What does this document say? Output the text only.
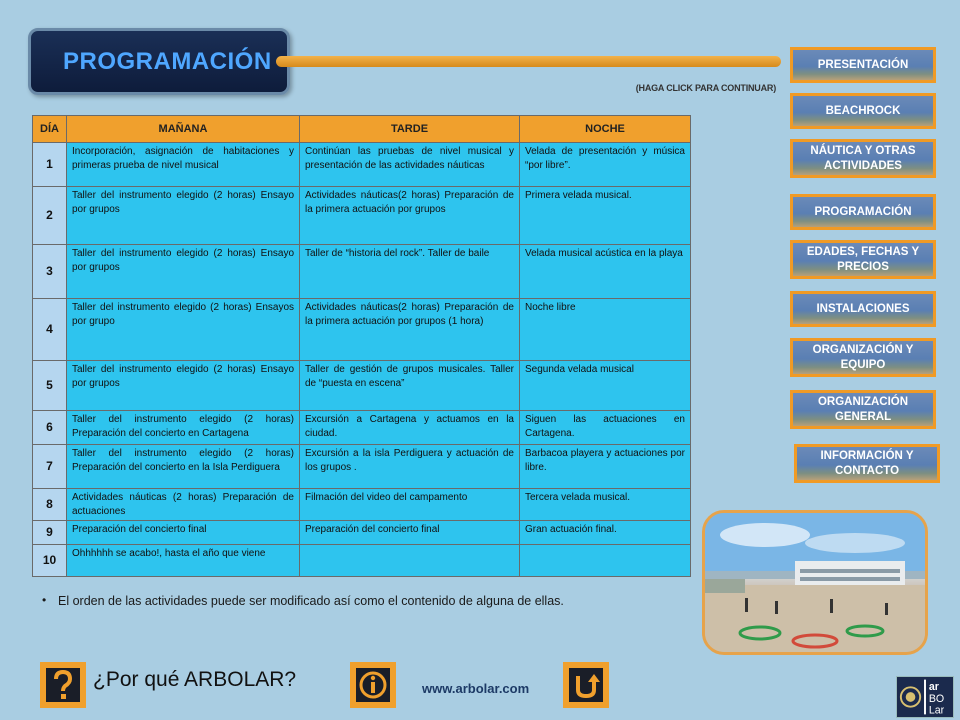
PROGRAMACIÓN
(HAGA CLICK PARA CONTINUAR)
DÍA	MAÑANA	TARDE	NOCHE
1	Incorporación, asignación de habitaciones y primeras prueba de nivel musical	Continúan las pruebas de nivel musical y presentación de las actividades náuticas	Velada de presentación y música “por libre”.
2	Taller del instrumento elegido (2 horas) Ensayo por grupos	Actividades náuticas(2 horas) Preparación de la primera actuación por grupos	Primera velada musical.
3	Taller del instrumento elegido (2 horas) Ensayo por grupos	Taller de “historia del rock”. Taller de baile	Velada musical acústica en la playa
4	Taller del instrumento elegido (2 horas) Ensayos por grupo	Actividades náuticas(2 horas) Preparación de la primera actuación por grupos (1 hora)	Noche libre
5	Taller del instrumento elegido (2 horas) Ensayo por grupos	Taller de gestión de grupos musicales. Taller de “puesta en escena”	Segunda velada musical
6	Taller del instrumento elegido (2 horas) Preparación del concierto en Cartagena	Excursión a Cartagena y actuamos en la ciudad.	Siguen las actuaciones en Cartagena.
7	Taller del instrumento elegido (2 horas) Preparación del concierto en la Isla Perdiguera	Excursión a la isla Perdiguera y actuación de los grupos .	Barbacoa playera y actuaciones por libre.
8	Actividades náuticas (2 horas) Preparación de actuaciones	Filmación del video del campamento	Tercera velada musical.
9	Preparación del concierto final	Preparación del concierto final	Gran actuación final.
10	Ohhhhhh se acabo!, hasta el año que viene		
• El orden de las actividades puede ser modificado así como el contenido de alguna de ellas.
PRESENTACIÓN
BEACHROCK
NÁUTICA Y OTRAS ACTIVIDADES
PROGRAMACIÓN
EDADES, FECHAS Y PRECIOS
INSTALACIONES
ORGANIZACIÓN Y EQUIPO
ORGANIZACIÓN GENERAL
INFORMACIÓN Y CONTACTO
¿Por qué ARBOLAR?	www.arbolar.com	ar
BO
Lar
